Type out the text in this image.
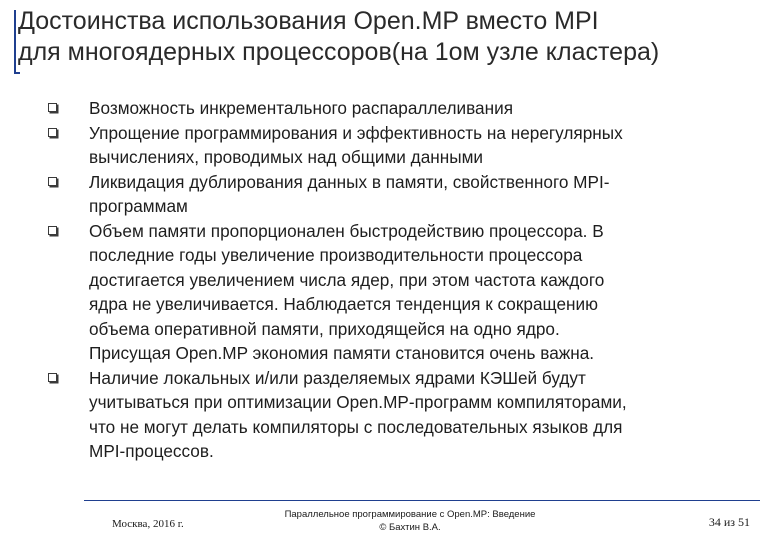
Достоинства использования Open.MP вместо MPI
для многоядерных процессоров(на 1ом узле кластера)
Возможность инкрементального распараллеливания
Упрощение программирования и эффективность на нерегулярных
вычислениях, проводимых над общими данными
Ликвидация дублирования данных в памяти, свойственного MPI-
программам
Объем памяти пропорционален быстродействию процессора. В
последние годы увеличение производительности процессора
достигается увеличением числа ядер, при этом частота каждого
ядра не увеличивается. Наблюдается тенденция к сокращению
объема оперативной памяти, приходящейся на одно ядро.
Присущая Open.MP экономия памяти становится очень важна.
Наличие локальных и/или разделяемых ядрами КЭШей будут
учитываться при оптимизации Open.MP-программ компиляторами,
что не могут делать компиляторы с последовательных языков для
MPI-процессов.
Москва, 2016 г.
Параллельное программирование с Open.MP: Введение
© Бахтин В.А.	34 из 51
